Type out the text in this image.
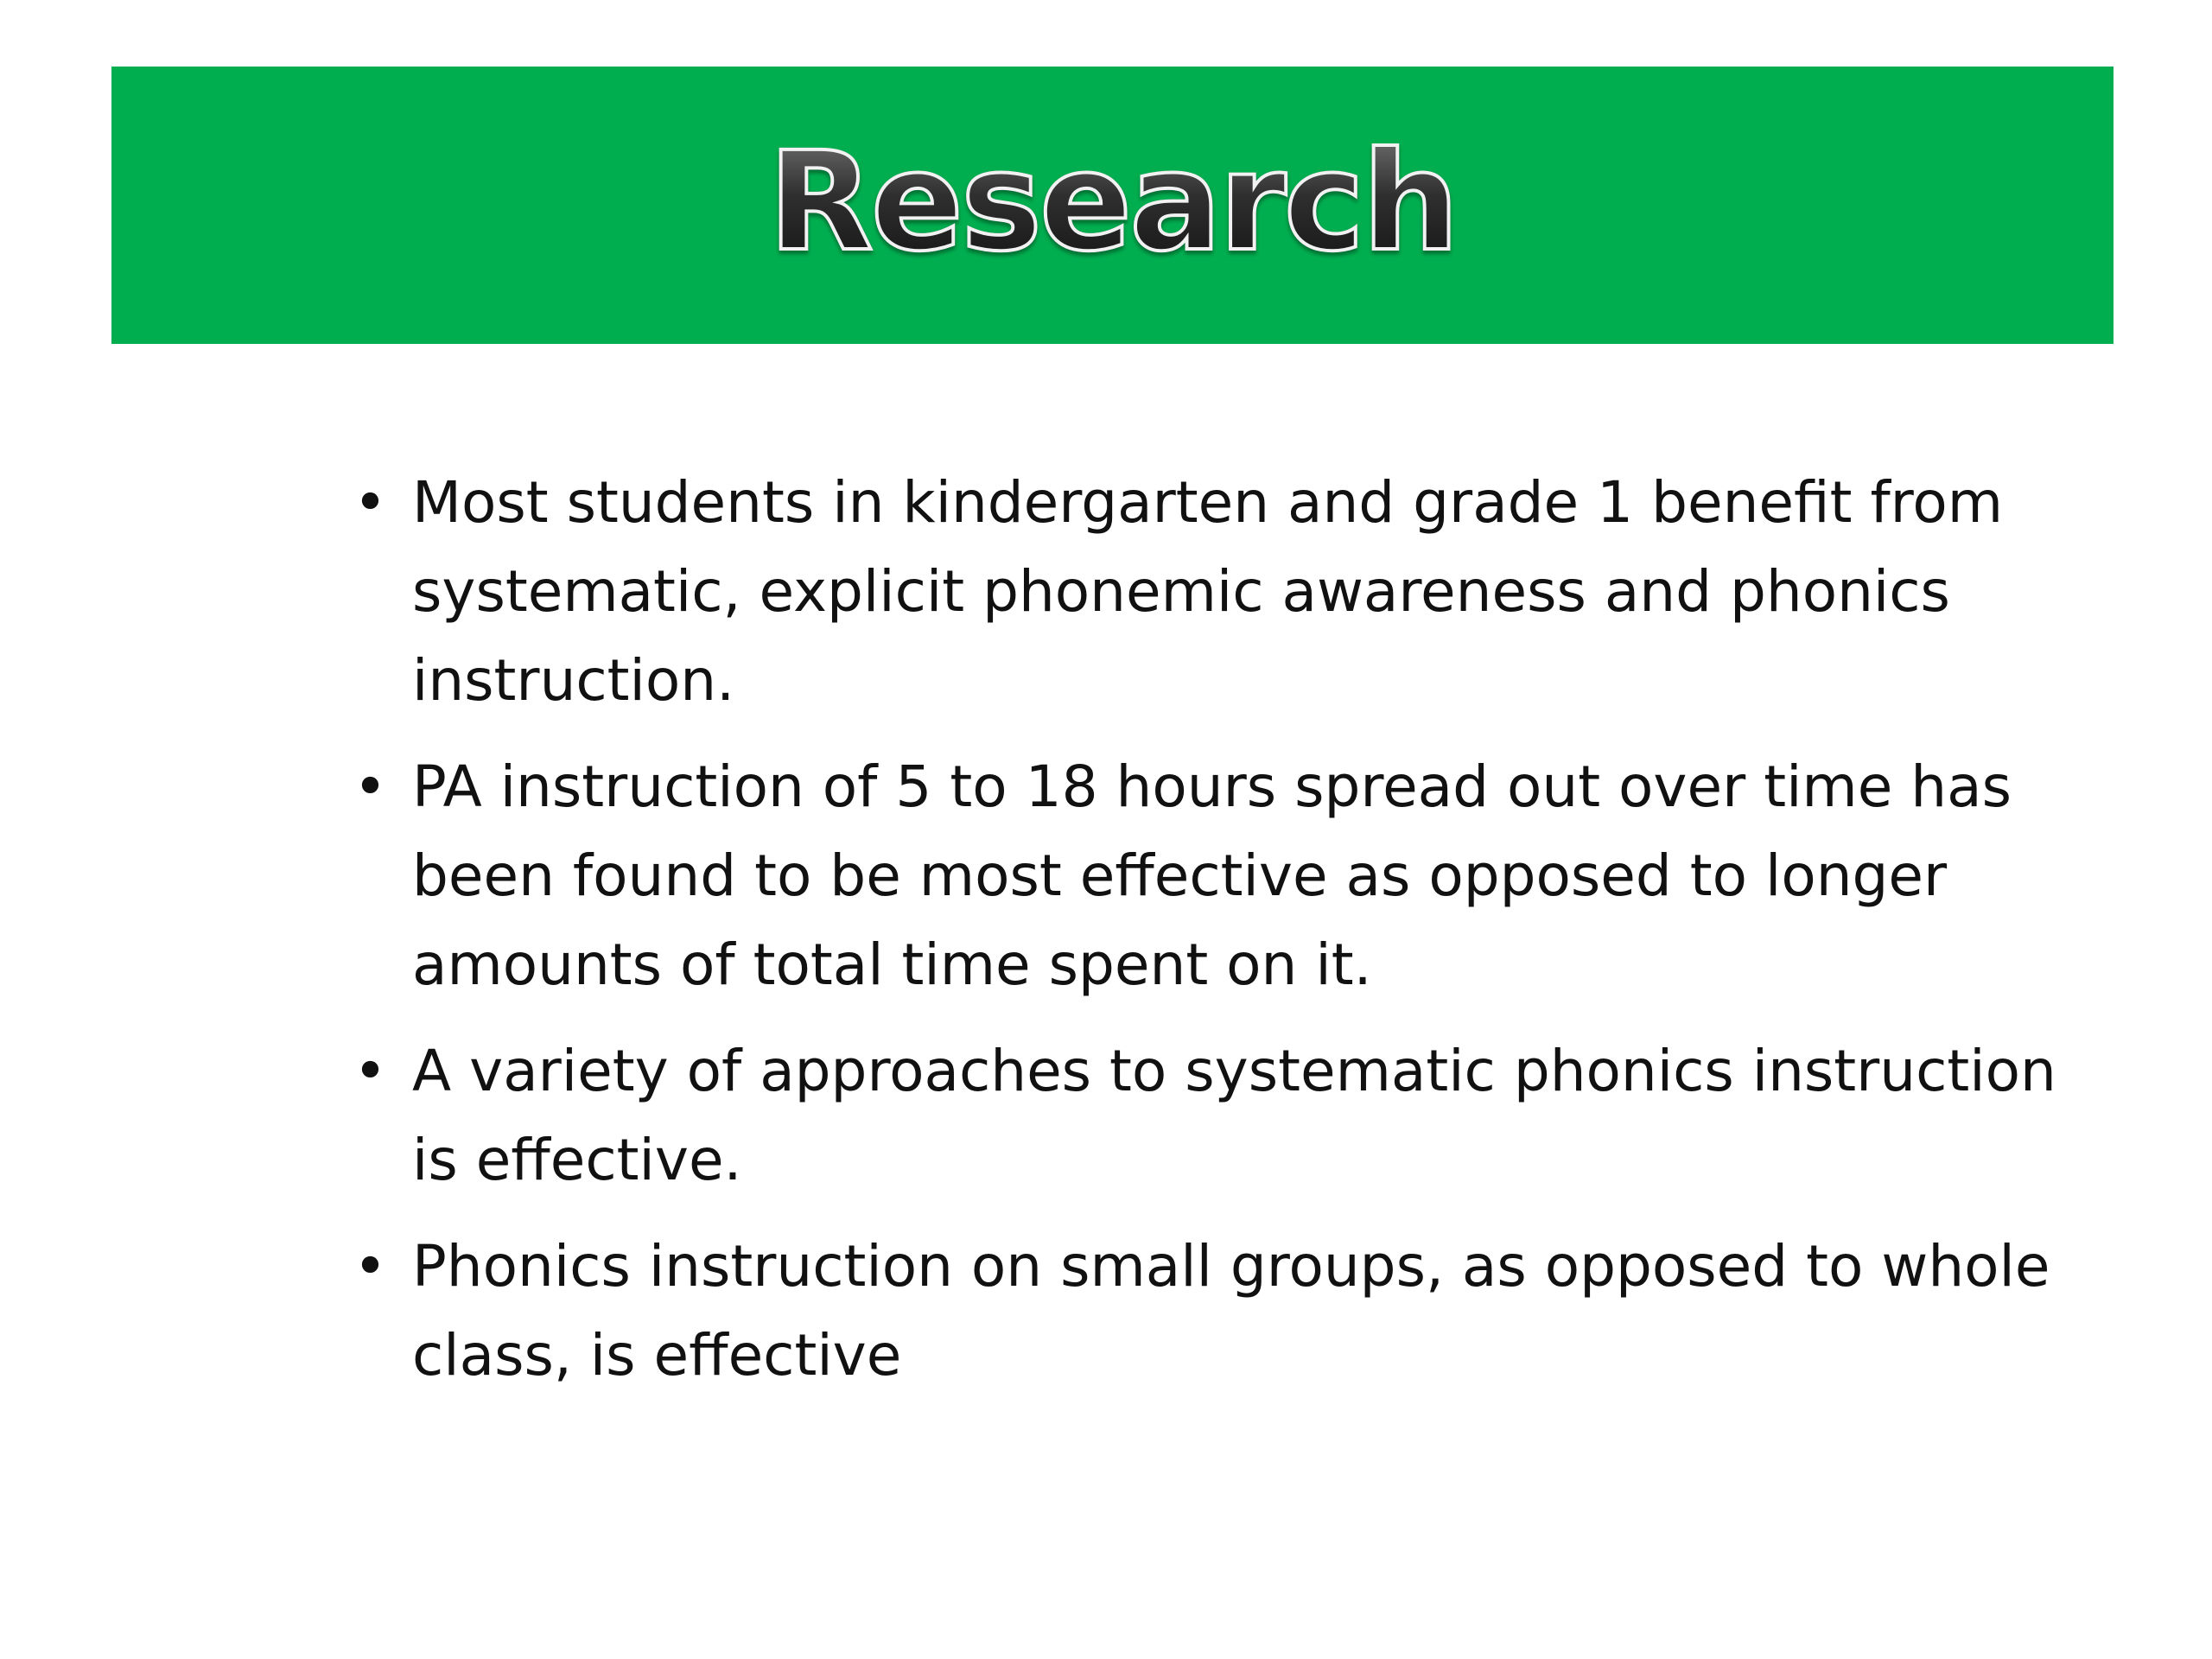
Research
• Most students in kindergarten and grade 1 benefit from systematic, explicit phonemic awareness and phonics instruction.
• PA instruction of 5 to 18 hours spread out over time has been found to be most effective as opposed to longer amounts of total time spent on it.
• A variety of approaches to systematic phonics instruction is effective.
• Phonics instruction on small groups, as opposed to whole class, is effective
